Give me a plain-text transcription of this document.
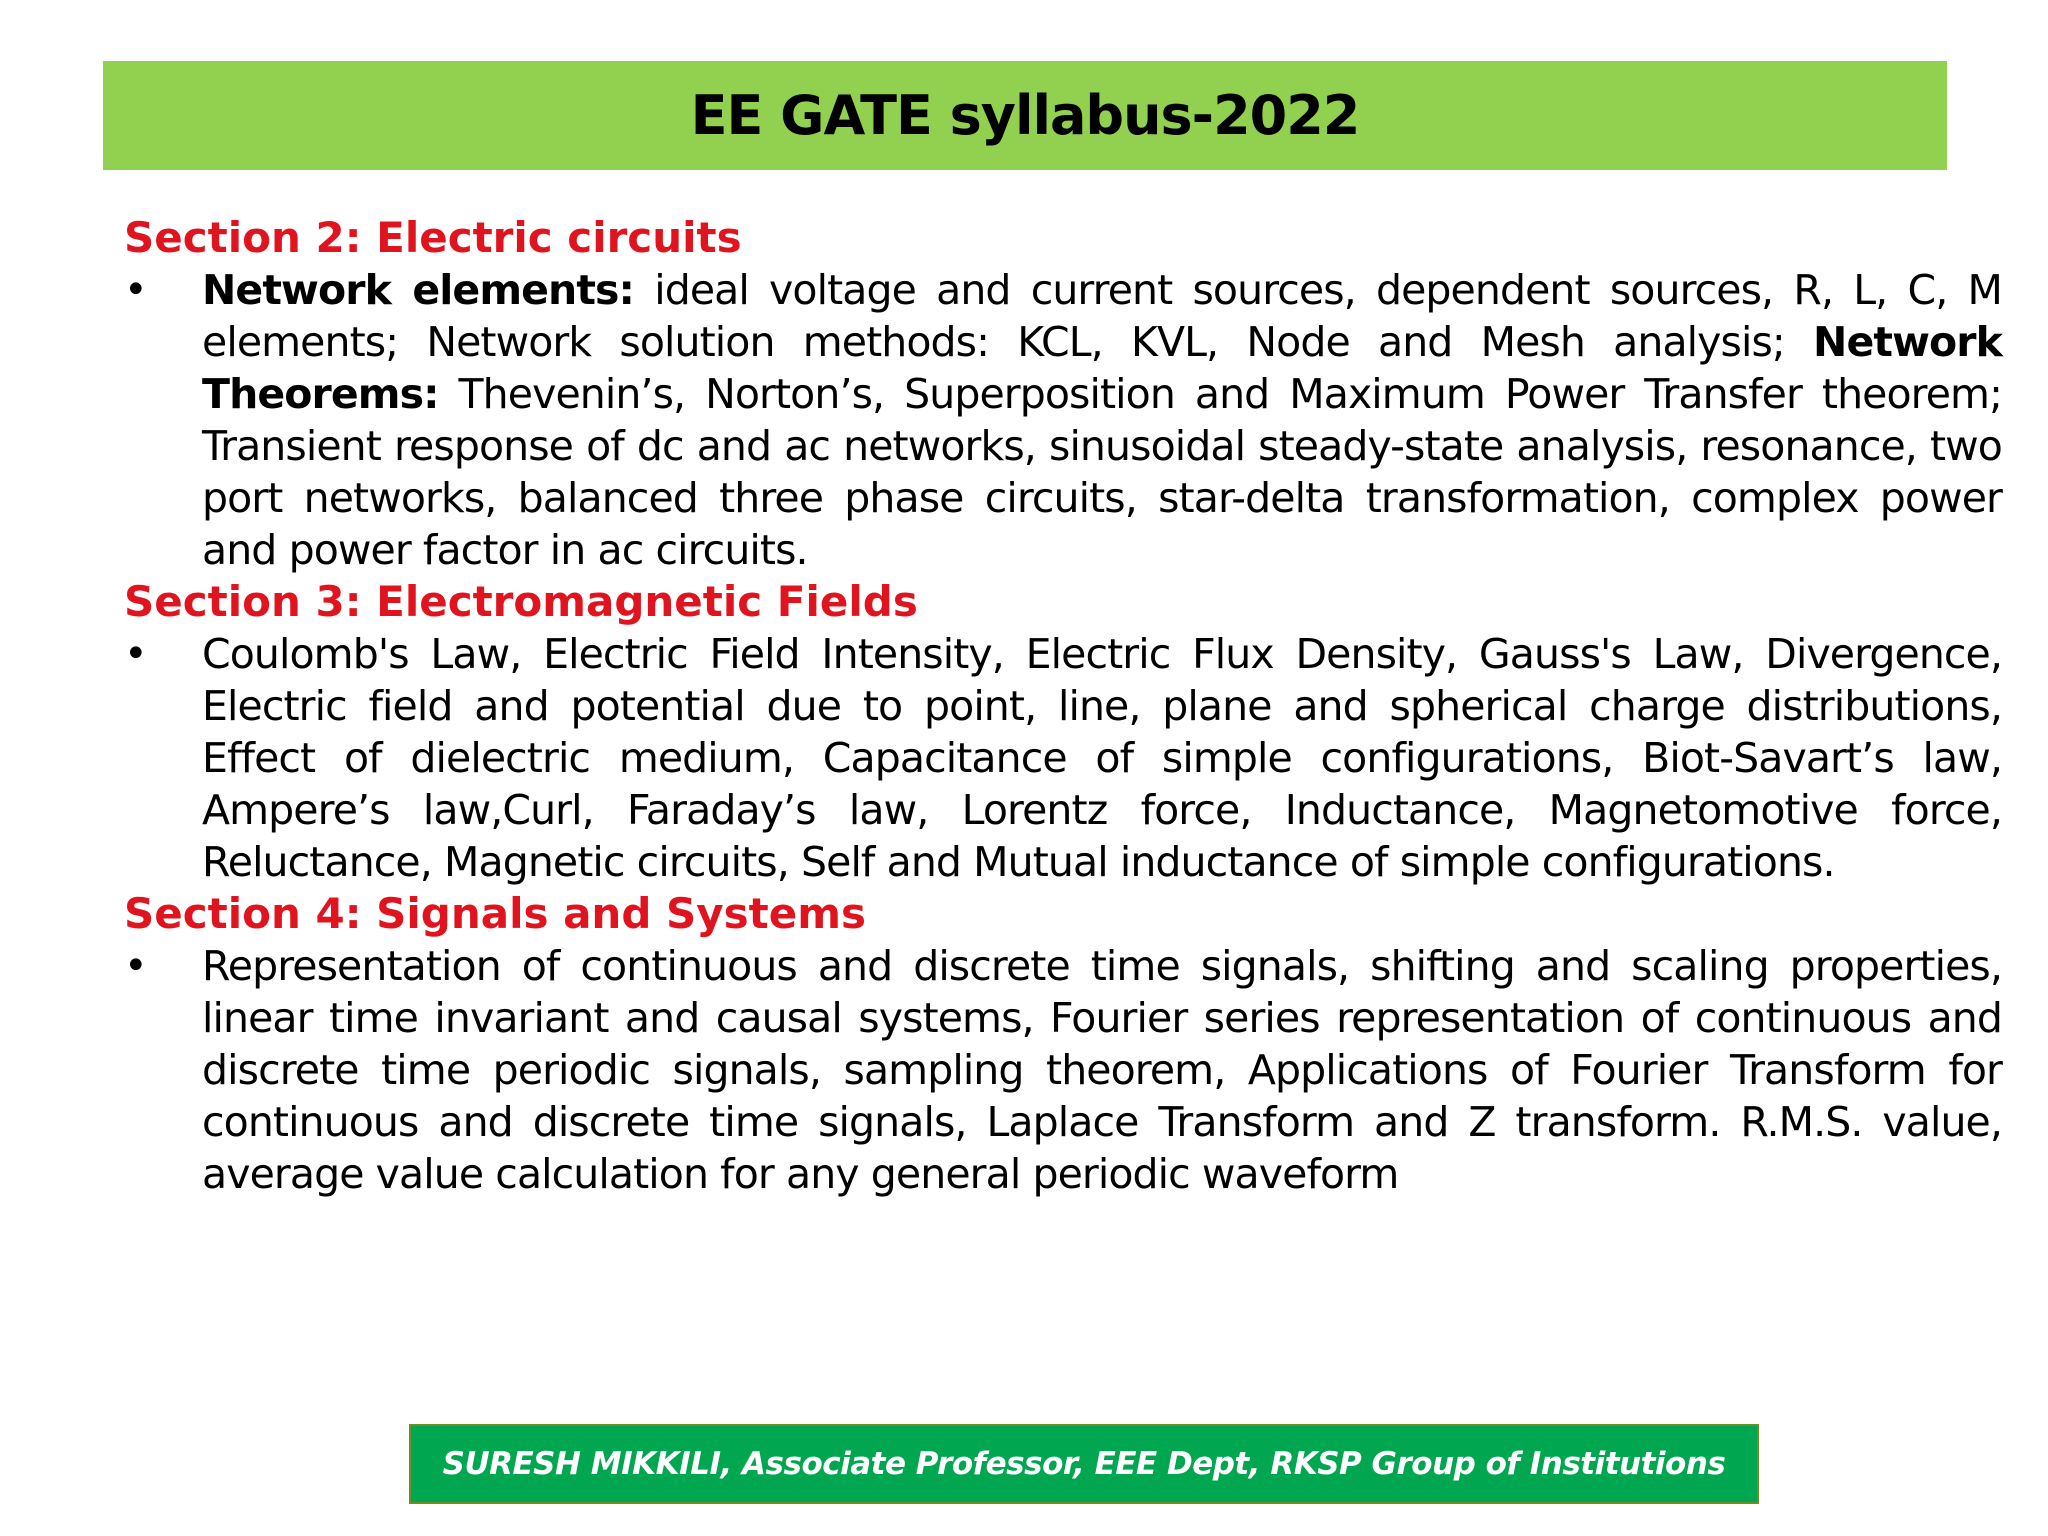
EE GATE syllabus-2022
Section 2: Electric circuits
• Network elements: ideal voltage and current sources, dependent sources, R, L, C, M elements; Network solution methods: KCL, KVL, Node and Mesh analysis; Network Theorems: Thevenin’s, Norton’s, Superposition and Maximum Power Transfer theorem; Transient response of dc and ac networks, sinusoidal steady-state analysis, resonance, two port networks, balanced three phase circuits, star-delta transformation, complex power and power factor in ac circuits.
Section 3: Electromagnetic Fields
• Coulomb's Law, Electric Field Intensity, Electric Flux Density, Gauss's Law, Divergence, Electric field and potential due to point, line, plane and spherical charge distributions, Effect of dielectric medium, Capacitance of simple configurations, Biot-Savart’s law, Ampere’s law,Curl, Faraday’s law, Lorentz force, Inductance, Magnetomotive force, Reluctance, Magnetic circuits, Self and Mutual inductance of simple configurations.
Section 4: Signals and Systems
• Representation of continuous and discrete time signals, shifting and scaling properties, linear time invariant and causal systems, Fourier series representation of continuous and discrete time periodic signals, sampling theorem, Applications of Fourier Transform for continuous and discrete time signals, Laplace Transform and Z transform. R.M.S. value, average value calculation for any general periodic waveform
SURESH MIKKILI, Associate Professor, EEE Dept, RKSP Group of Institutions
